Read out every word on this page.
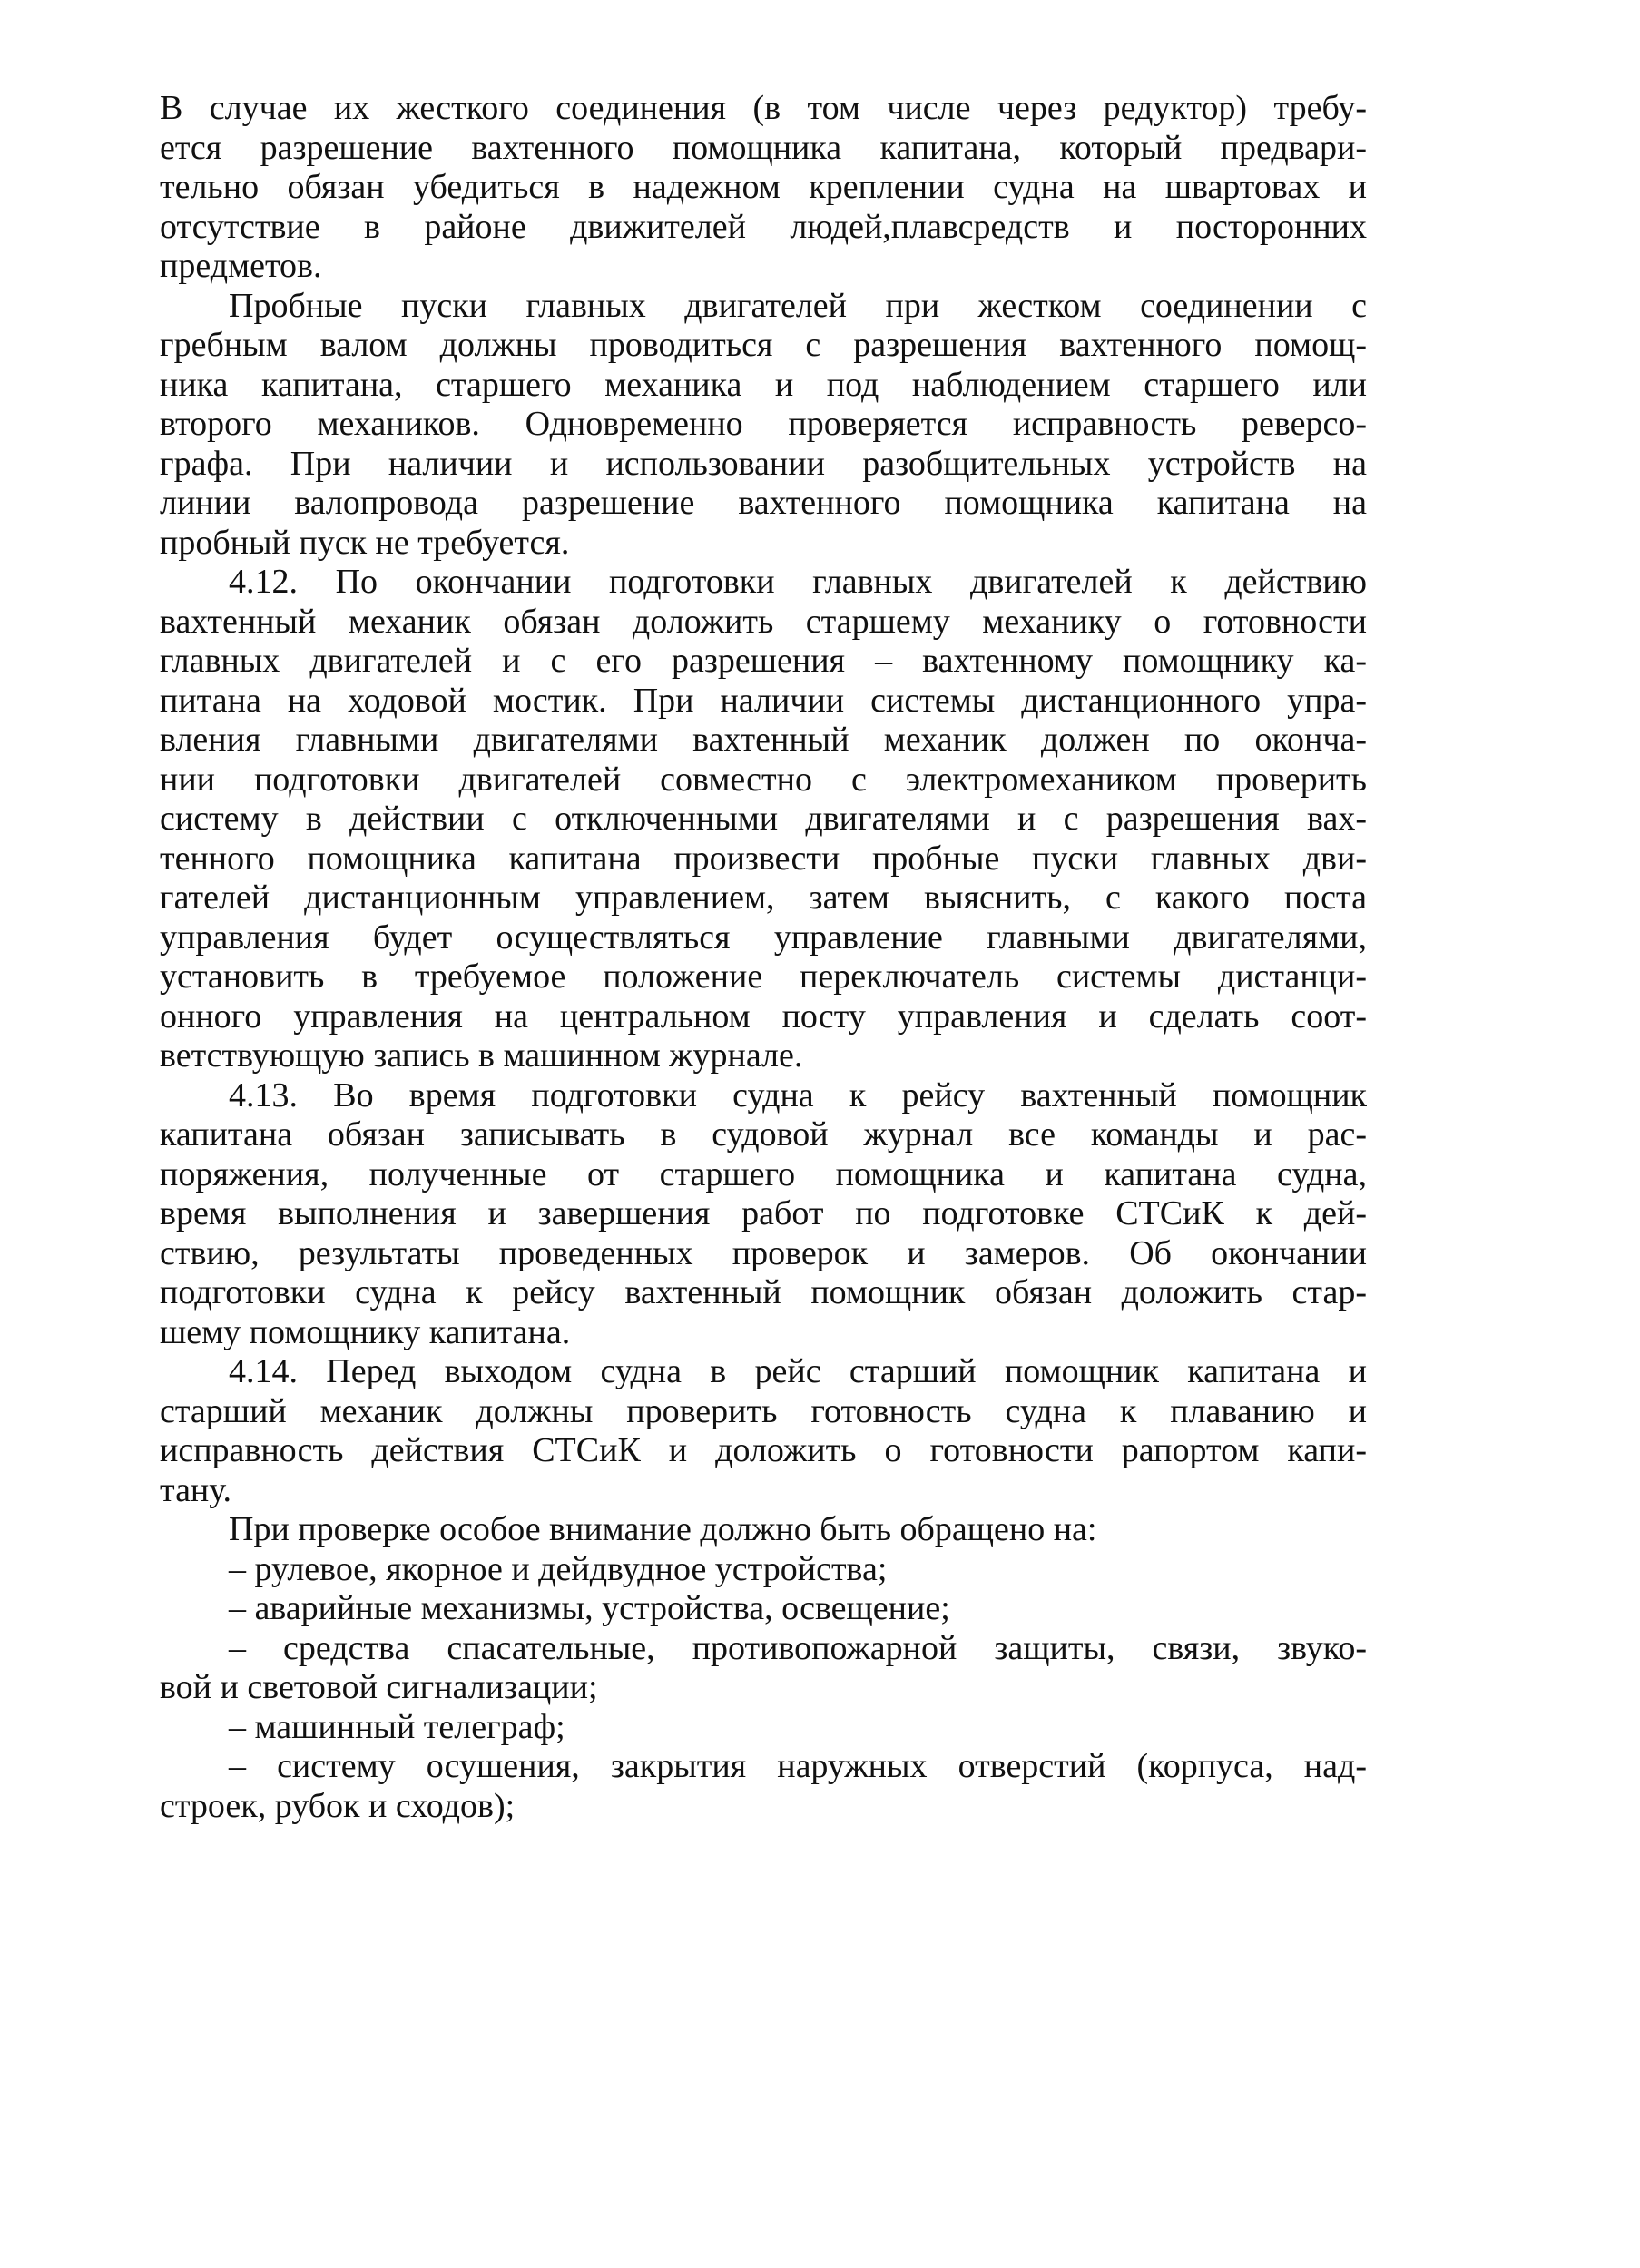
В случае их жесткого соединения (в том числе через редуктор) требу-
ется разрешение вахтенного помощника капитана, который предвари-
тельно обязан убедиться в надежном креплении судна на швартовах и
отсутствие в районе движителей людей,плавсредств и посторонних
предметов.
Пробные пуски главных двигателей при жестком соединении с
гребным валом должны проводиться с разрешения вахтенного помощ-
ника капитана, старшего механика и под наблюдением старшего или
второго механиков. Одновременно проверяется исправность реверсо-
графа. При наличии и использовании разобщительных устройств на
линии валопровода разрешение вахтенного помощника капитана на
пробный пуск не требуется.
4.12. По окончании подготовки главных двигателей к действию
вахтенный механик обязан доложить старшему механику о готовности
главных двигателей и с его разрешения – вахтенному помощнику ка-
питана на ходовой мостик. При наличии системы дистанционного упра-
вления главными двигателями вахтенный механик должен по оконча-
нии подготовки двигателей совместно с электромехаником проверить
систему в действии с отключенными двигателями и с разрешения вах-
тенного помощника капитана произвести пробные пуски главных дви-
гателей дистанционным управлением, затем выяснить, с какого поста
управления будет осуществляться управление главными двигателями,
установить в требуемое положение переключатель системы дистанци-
онного управления на центральном посту управления и сделать соот-
ветствующую запись в машинном журнале.
4.13. Во время подготовки судна к рейсу вахтенный помощник
капитана обязан записывать в судовой журнал все команды и рас-
поряжения, полученные от старшего помощника и капитана судна,
время выполнения и завершения работ по подготовке СТСиК к дей-
ствию, результаты проведенных проверок и замеров. Об окончании
подготовки судна к рейсу вахтенный помощник обязан доложить стар-
шему помощнику капитана.
4.14. Перед выходом судна в рейс старший помощник капитана и
старший механик должны проверить готовность судна к плаванию и
исправность действия СТСиК и доложить о готовности рапортом капи-
тану.
При проверке особое внимание должно быть обращено на:
– рулевое, якорное и дейдвудное устройства;
– аварийные механизмы, устройства, освещение;
– средства спасательные, противопожарной защиты, связи, звуко-
вой и световой сигнализации;
– машинный телеграф;
– систему осушения, закрытия наружных отверстий (корпуса, над-
строек, рубок и сходов);
